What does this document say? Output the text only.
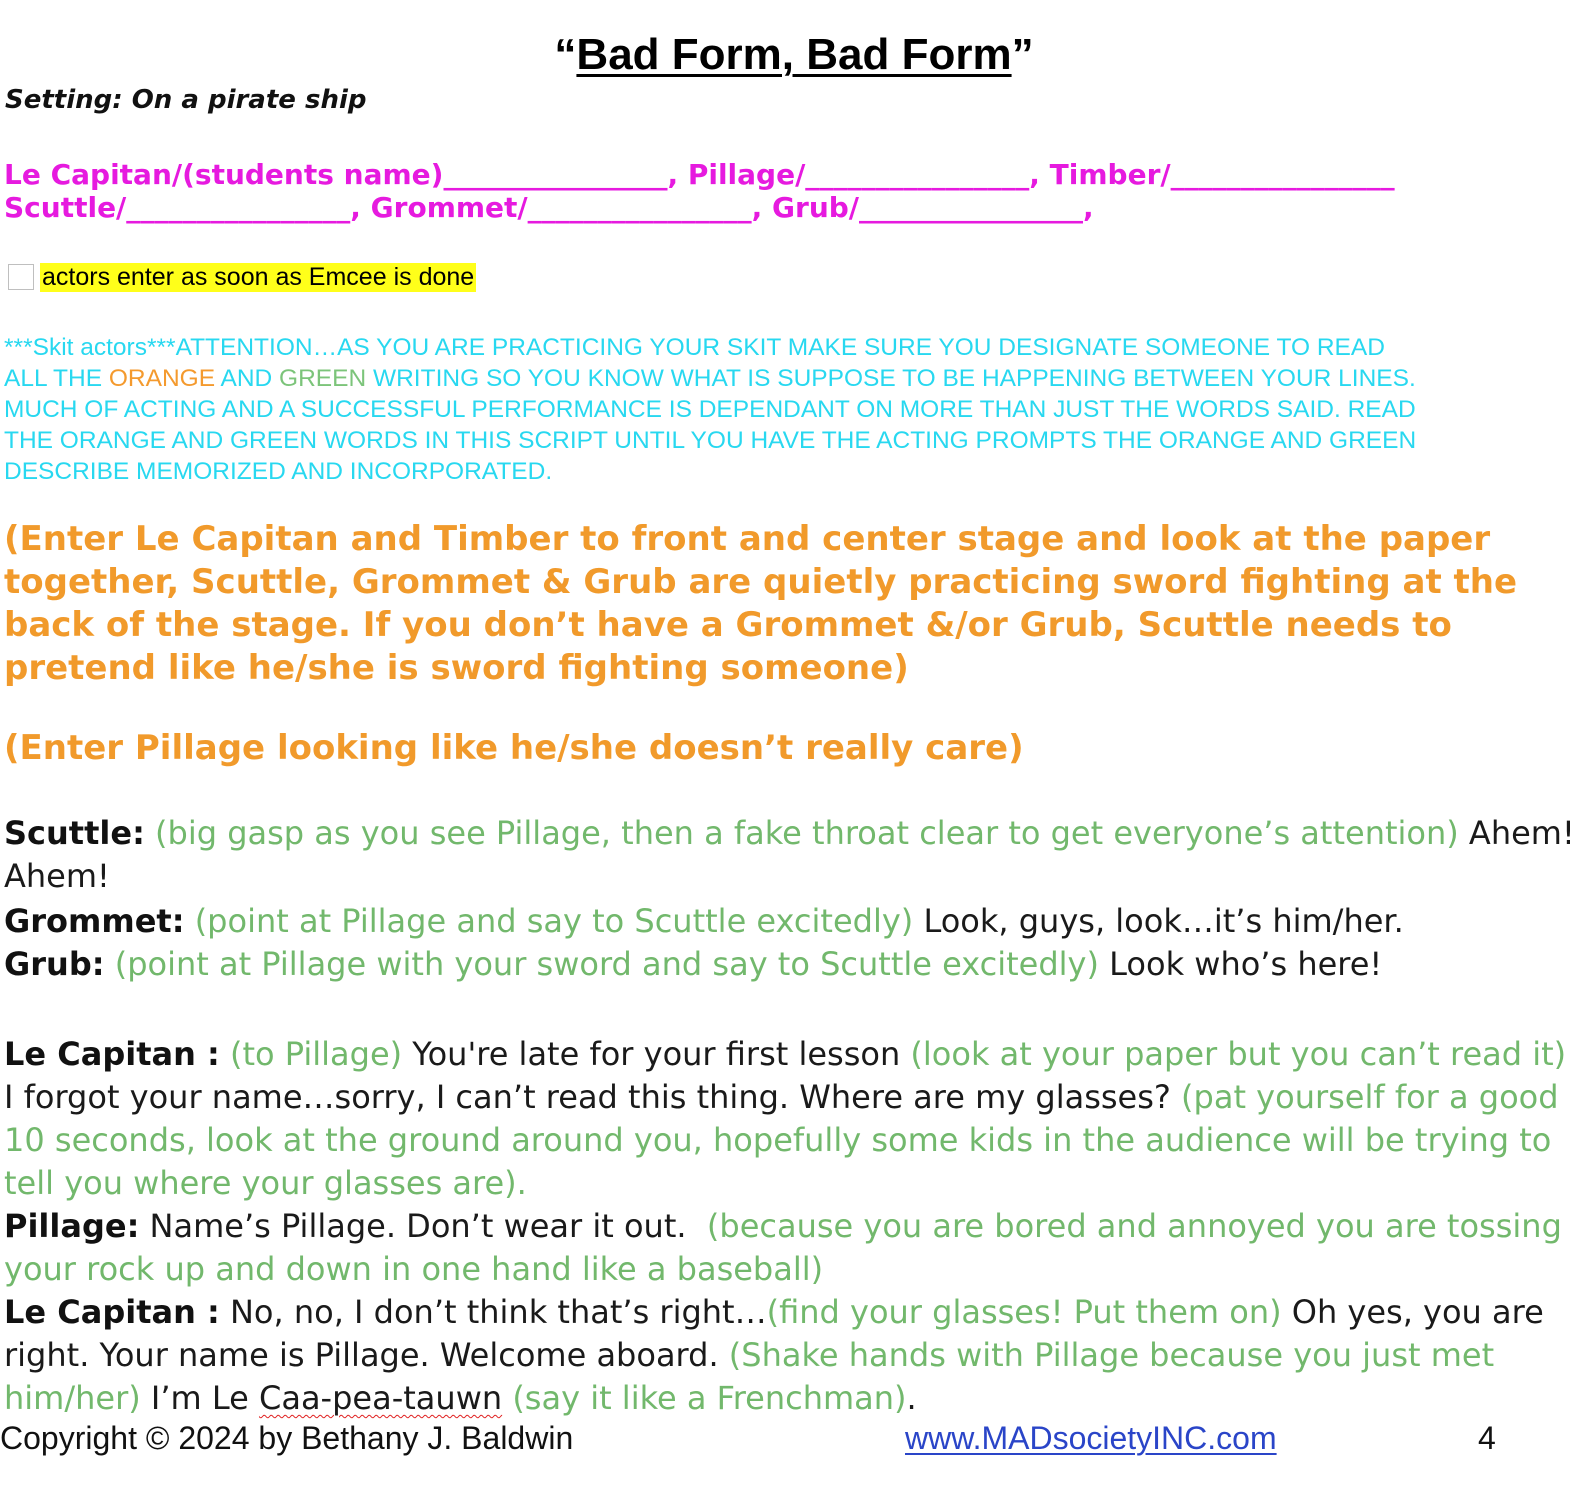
“Bad Form, Bad Form”
Setting: On a pirate ship
Le Capitan/(students name)________________, Pillage/________________, Timber/________________
Scuttle/________________, Grommet/________________, Grub/________________,
actors enter as soon as Emcee is done
***Skit actors***ATTENTION…AS YOU ARE PRACTICING YOUR SKIT MAKE SURE YOU DESIGNATE SOMEONE TO READ ALL THE ORANGE AND GREEN WRITING SO YOU KNOW WHAT IS SUPPOSE TO BE HAPPENING BETWEEN YOUR LINES. MUCH OF ACTING AND A SUCCESSFUL PERFORMANCE IS DEPENDANT ON MORE THAN JUST THE WORDS SAID. READ THE ORANGE AND GREEN WORDS IN THIS SCRIPT UNTIL YOU HAVE THE ACTING PROMPTS THE ORANGE AND GREEN DESCRIBE MEMORIZED AND INCORPORATED.
(Enter Le Capitan and Timber to front and center stage and look at the paper together, Scuttle, Grommet & Grub are quietly practicing sword fighting at the back of the stage. If you don’t have a Grommet &/or Grub, Scuttle needs to pretend like he/she is sword fighting someone)
(Enter Pillage looking like he/she doesn’t really care)

Scuttle: (big gasp as you see Pillage, then a fake throat clear to get everyone’s attention) Ahem! Ahem!

Grommet: (point at Pillage and say to Scuttle excitedly) Look, guys, look…it’s him/her.

Grub: (point at Pillage with your sword and say to Scuttle excitedly) Look who’s here!

Le Capitan : (to Pillage) You're late for your first lesson (look at your paper but you can’t read it) I forgot your name…sorry, I can’t read this thing. Where are my glasses? (pat yourself for a good 10 seconds, look at the ground around you, hopefully some kids in the audience will be trying to tell you where your glasses are).

Pillage: Name’s Pillage. Don’t wear it out.  (because you are bored and annoyed you are tossing your rock up and down in one hand like a baseball)

Le Capitan : No, no, I don’t think that’s right…(find your glasses! Put them on) Oh yes, you are right. Your name is Pillage. Welcome aboard. (Shake hands with Pillage because you just met him/her) I’m Le Caa-pea-tauwn (say it like a Frenchman).

Copyright © 2024 by Bethany J. Baldwin	www.MADsocietyINC.com	4
